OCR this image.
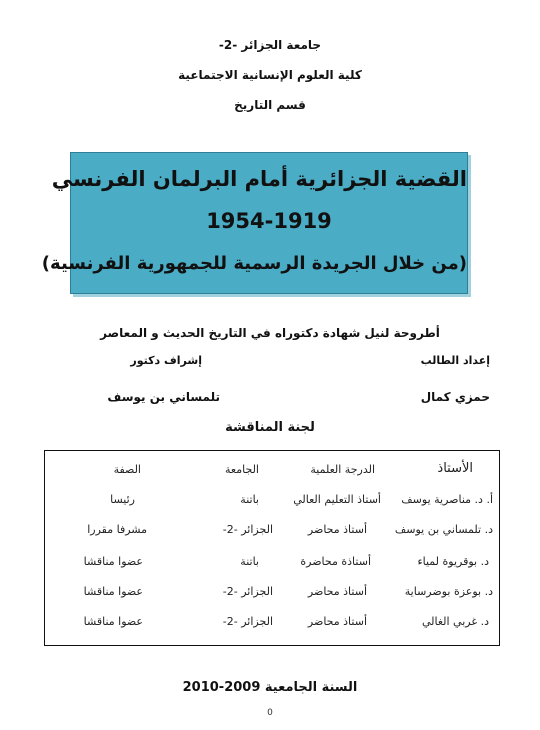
جامعة الجزائر -2-
كلية العلوم الإنسانية الاجتماعية
قسم التاريخ
القضية الجزائرية أمام البرلمان الفرنسي
1954-1919
(من خلال الجريدة الرسمية للجمهورية الفرنسية)
أطروحة لنيل شهادة دكتوراه في التاريخ الحديث و المعاصر
إعداد الطالب
إشراف دكتور
حمزي كمال
تلمساني بن يوسف
لجنة المناقشة
الأستاذ
الدرجة العلمية
الجامعة
الصفة
أ. د. مناصرية يوسف
أستاذ التعليم العالي
باتنة
رئيسا
د. تلمساني بن يوسف
أستاذ محاضر
الجزائر -2-
مشرفا مقررا
د. بوقريوة لمياء
أستاذة محاضرة
باتنة
عضوا مناقشا
د. بوعزة بوضرساية
أستاذ محاضر
الجزائر -2-
عضوا مناقشا
د. غربي الغالي
أستاذ محاضر
الجزائر -2-
عضوا مناقشا
السنة الجامعية 2009-2010
0
